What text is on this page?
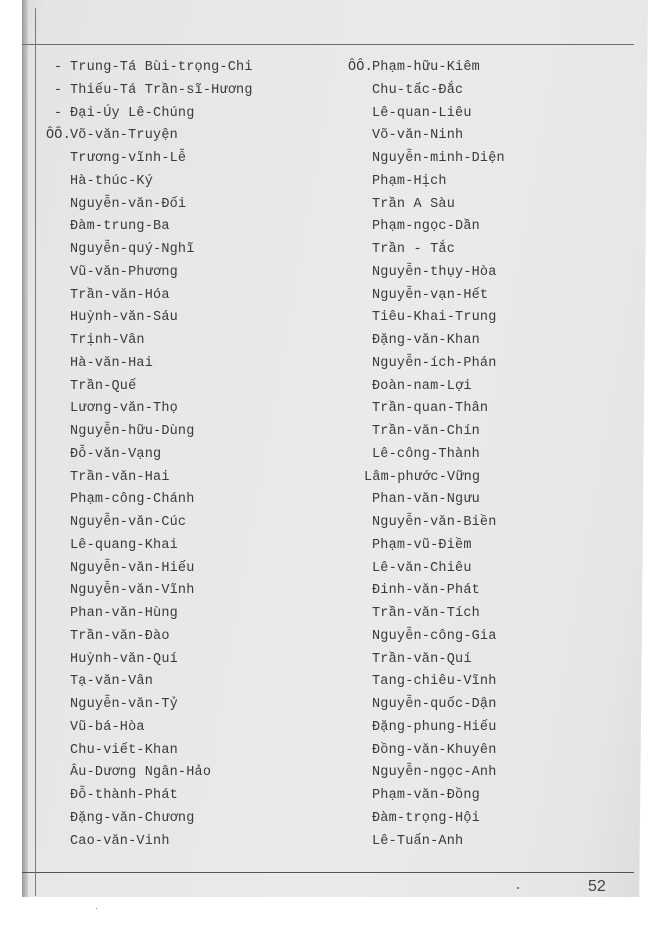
- Trung-Tá Bùi-trọng-Chi
- Thiếu-Tá Trần-sĩ-Hương
- Đại-Úy Lê-Chúng
ÔÔ. Võ-văn-Truyện
Trương-vĩnh-Lễ
Hà-thúc-Ký
Nguyễn-văn-Đối
Đàm-trung-Ba
Nguyễn-quý-Nghĩ
Vũ-văn-Phương
Trần-văn-Hóa
Huỳnh-văn-Sáu
Trịnh-Vân
Hà-văn-Hai
Trần-Quế
Lương-văn-Thọ
Nguyễn-hữu-Dùng
Đỗ-văn-Vạng
Trần-văn-Hai
Phạm-công-Chánh
Nguyễn-văn-Cúc
Lê-quang-Khai
Nguyễn-văn-Hiếu
Nguyễn-văn-Vĩnh
Phan-văn-Hùng
Trần-văn-Đào
Huỳnh-văn-Quí
Tạ-văn-Vân
Nguyễn-văn-Tỷ
Vũ-bá-Hòa
Chu-viết-Khan
Âu-Dương Ngân-Hảo
Đỗ-thành-Phát
Đặng-văn-Chương
Cao-văn-Vinh
ÔÔ. Phạm-hữu-Kiêm
Chu-tấc-Đắc
Lê-quan-Liêu
Võ-văn-Ninh
Nguyễn-minh-Diện
Phạm-Hịch
Trần A Sàu
Phạm-ngọc-Dần
Trần - Tắc
Nguyễn-thụy-Hòa
Nguyễn-vạn-Hết
Tiêu-Khai-Trung
Đặng-văn-Khan
Nguyễn-ích-Phán
Đoàn-nam-Lợi
Trần-quan-Thân
Trần-văn-Chín
Lê-công-Thành
Lâm-phước-Vững
Phan-văn-Ngưu
Nguyễn-văn-Biền
Phạm-vũ-Điềm
Lê-văn-Chiêu
Đinh-văn-Phát
Trần-văn-Tích
Nguyễn-công-Gia
Trần-văn-Quí
Tang-chiêu-Vĩnh
Nguyễn-quốc-Dận
Đặng-phung-Hiếu
Đồng-văn-Khuyên
Nguyễn-ngọc-Anh
Phạm-văn-Đồng
Đàm-trọng-Hội
Lê-Tuấn-Anh
52
